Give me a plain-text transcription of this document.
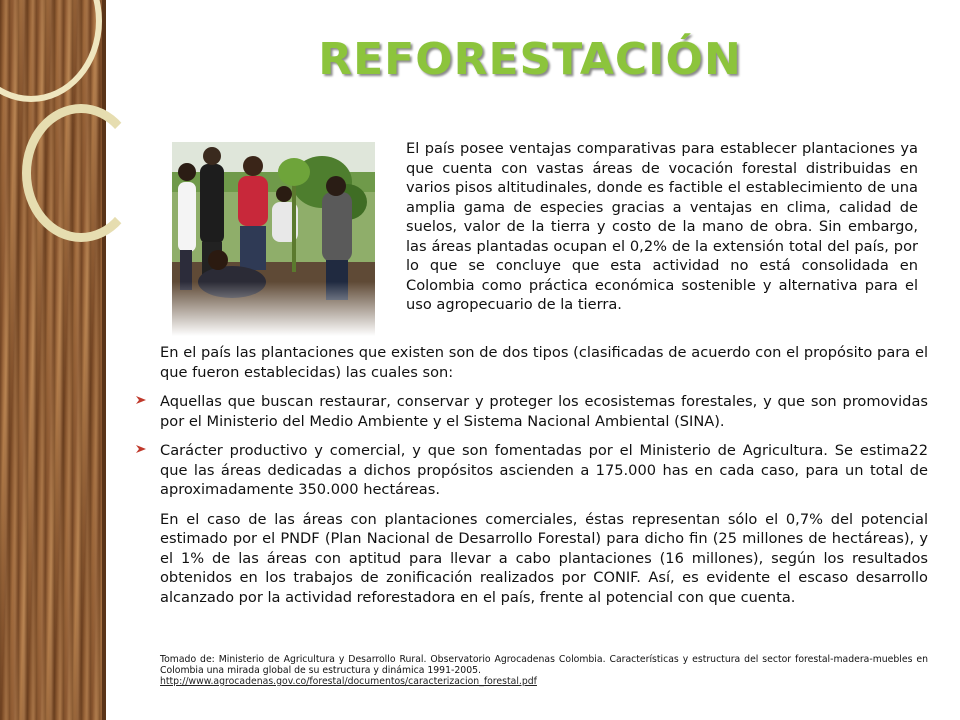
REFORESTACIÓN

El país posee ventajas comparativas para establecer plantaciones ya que cuenta con vastas áreas de vocación forestal distribuidas en varios pisos altitudinales, donde es factible el establecimiento de una amplia gama de especies gracias a ventajas en clima, calidad de suelos, valor de la tierra y costo de la mano de obra. Sin embargo, las áreas plantadas ocupan el 0,2% de la extensión total del país, por lo que se concluye que esta actividad no está consolidada en Colombia como práctica económica sostenible y alternativa para el uso agropecuario de la tierra.

En el país las plantaciones que existen son de dos tipos (clasificadas de acuerdo con el propósito para el que fueron establecidas) las cuales son:

Aquellas que buscan restaurar, conservar y proteger los ecosistemas forestales, y que son promovidas por el Ministerio del Medio Ambiente y el Sistema Nacional Ambiental (SINA).

Carácter productivo y comercial, y que son fomentadas por el Ministerio de Agricultura. Se estima22 que las áreas dedicadas a dichos propósitos ascienden a 175.000 has en cada caso, para un total de aproximadamente 350.000 hectáreas.

En el caso de las áreas con plantaciones comerciales, éstas representan sólo el 0,7% del potencial estimado por el PNDF (Plan Nacional de Desarrollo Forestal) para dicho fin (25 millones de hectáreas), y el 1% de las áreas con aptitud para llevar a cabo plantaciones (16 millones), según los resultados obtenidos en los trabajos de zonificación realizados por CONIF. Así, es evidente el escaso desarrollo alcanzado por la actividad reforestadora en el país, frente al potencial con que cuenta.

Tomado de: Ministerio de Agricultura y Desarrollo Rural. Observatorio Agrocadenas Colombia. Características y estructura del sector forestal-madera-muebles en Colombia una mirada global de su estructura y dinámica 1991-2005.
http://www.agrocadenas.gov.co/forestal/documentos/caracterizacion_forestal.pdf
